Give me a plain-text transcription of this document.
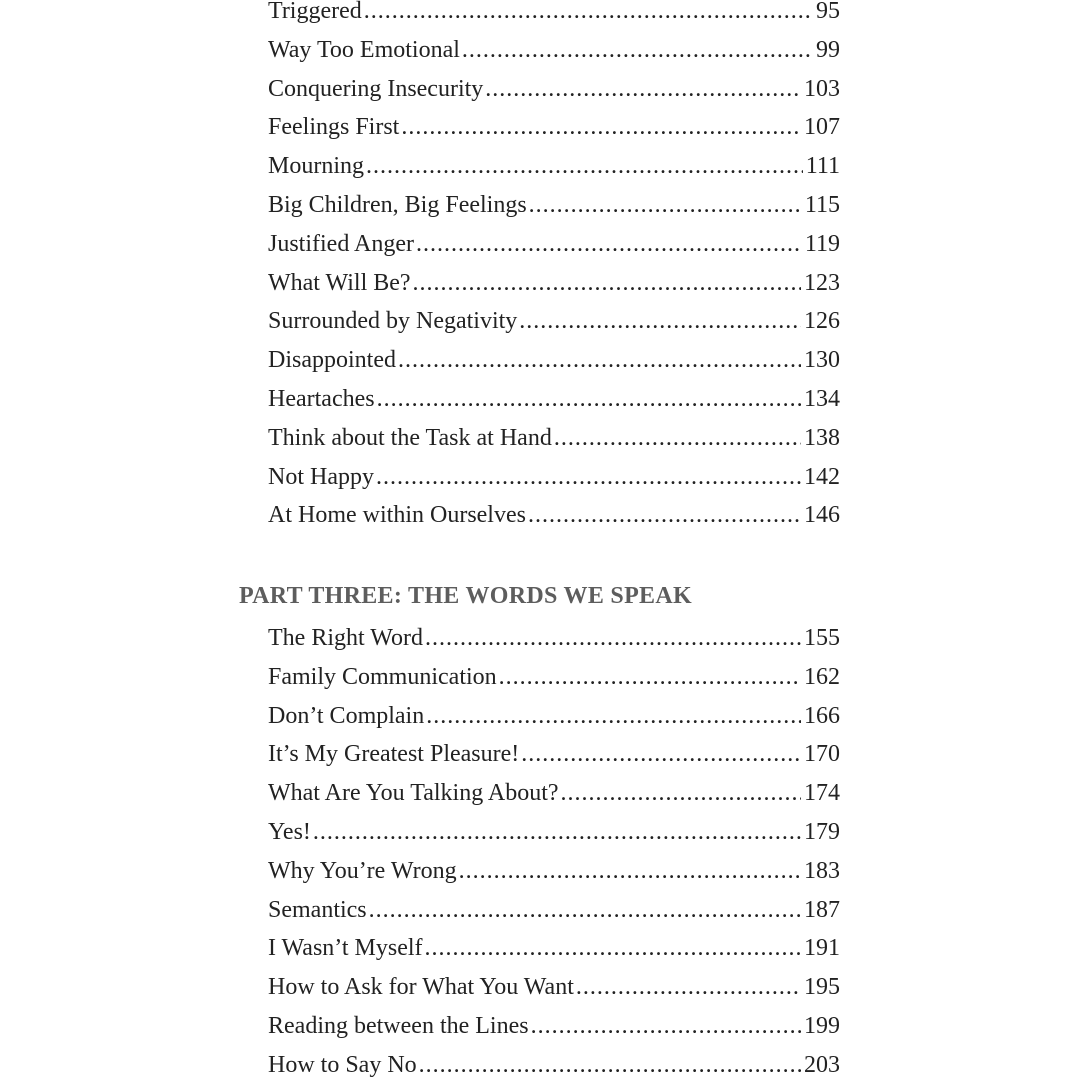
Triggered .....	95
Way Too Emotional .....	99
Conquering Insecurity .....	103
Feelings First .....	107
Mourning .....	111
Big Children, Big Feelings .....	115
Justified Anger .....	119
What Will Be? .....	123
Surrounded by Negativity .....	126
Disappointed .....	130
Heartaches .....	134
Think about the Task at Hand .....	138
Not Happy .....	142
At Home within Ourselves .....	146
PART THREE: THE WORDS WE SPEAK
The Right Word .....	155
Family Communication .....	162
Don’t Complain .....	166
It’s My Greatest Pleasure! .....	170
What Are You Talking About? .....	174
Yes! .....	179
Why You’re Wrong .....	183
Semantics .....	187
I Wasn’t Myself .....	191
How to Ask for What You Want .....	195
Reading between the Lines .....	199
How to Say No .....	203
